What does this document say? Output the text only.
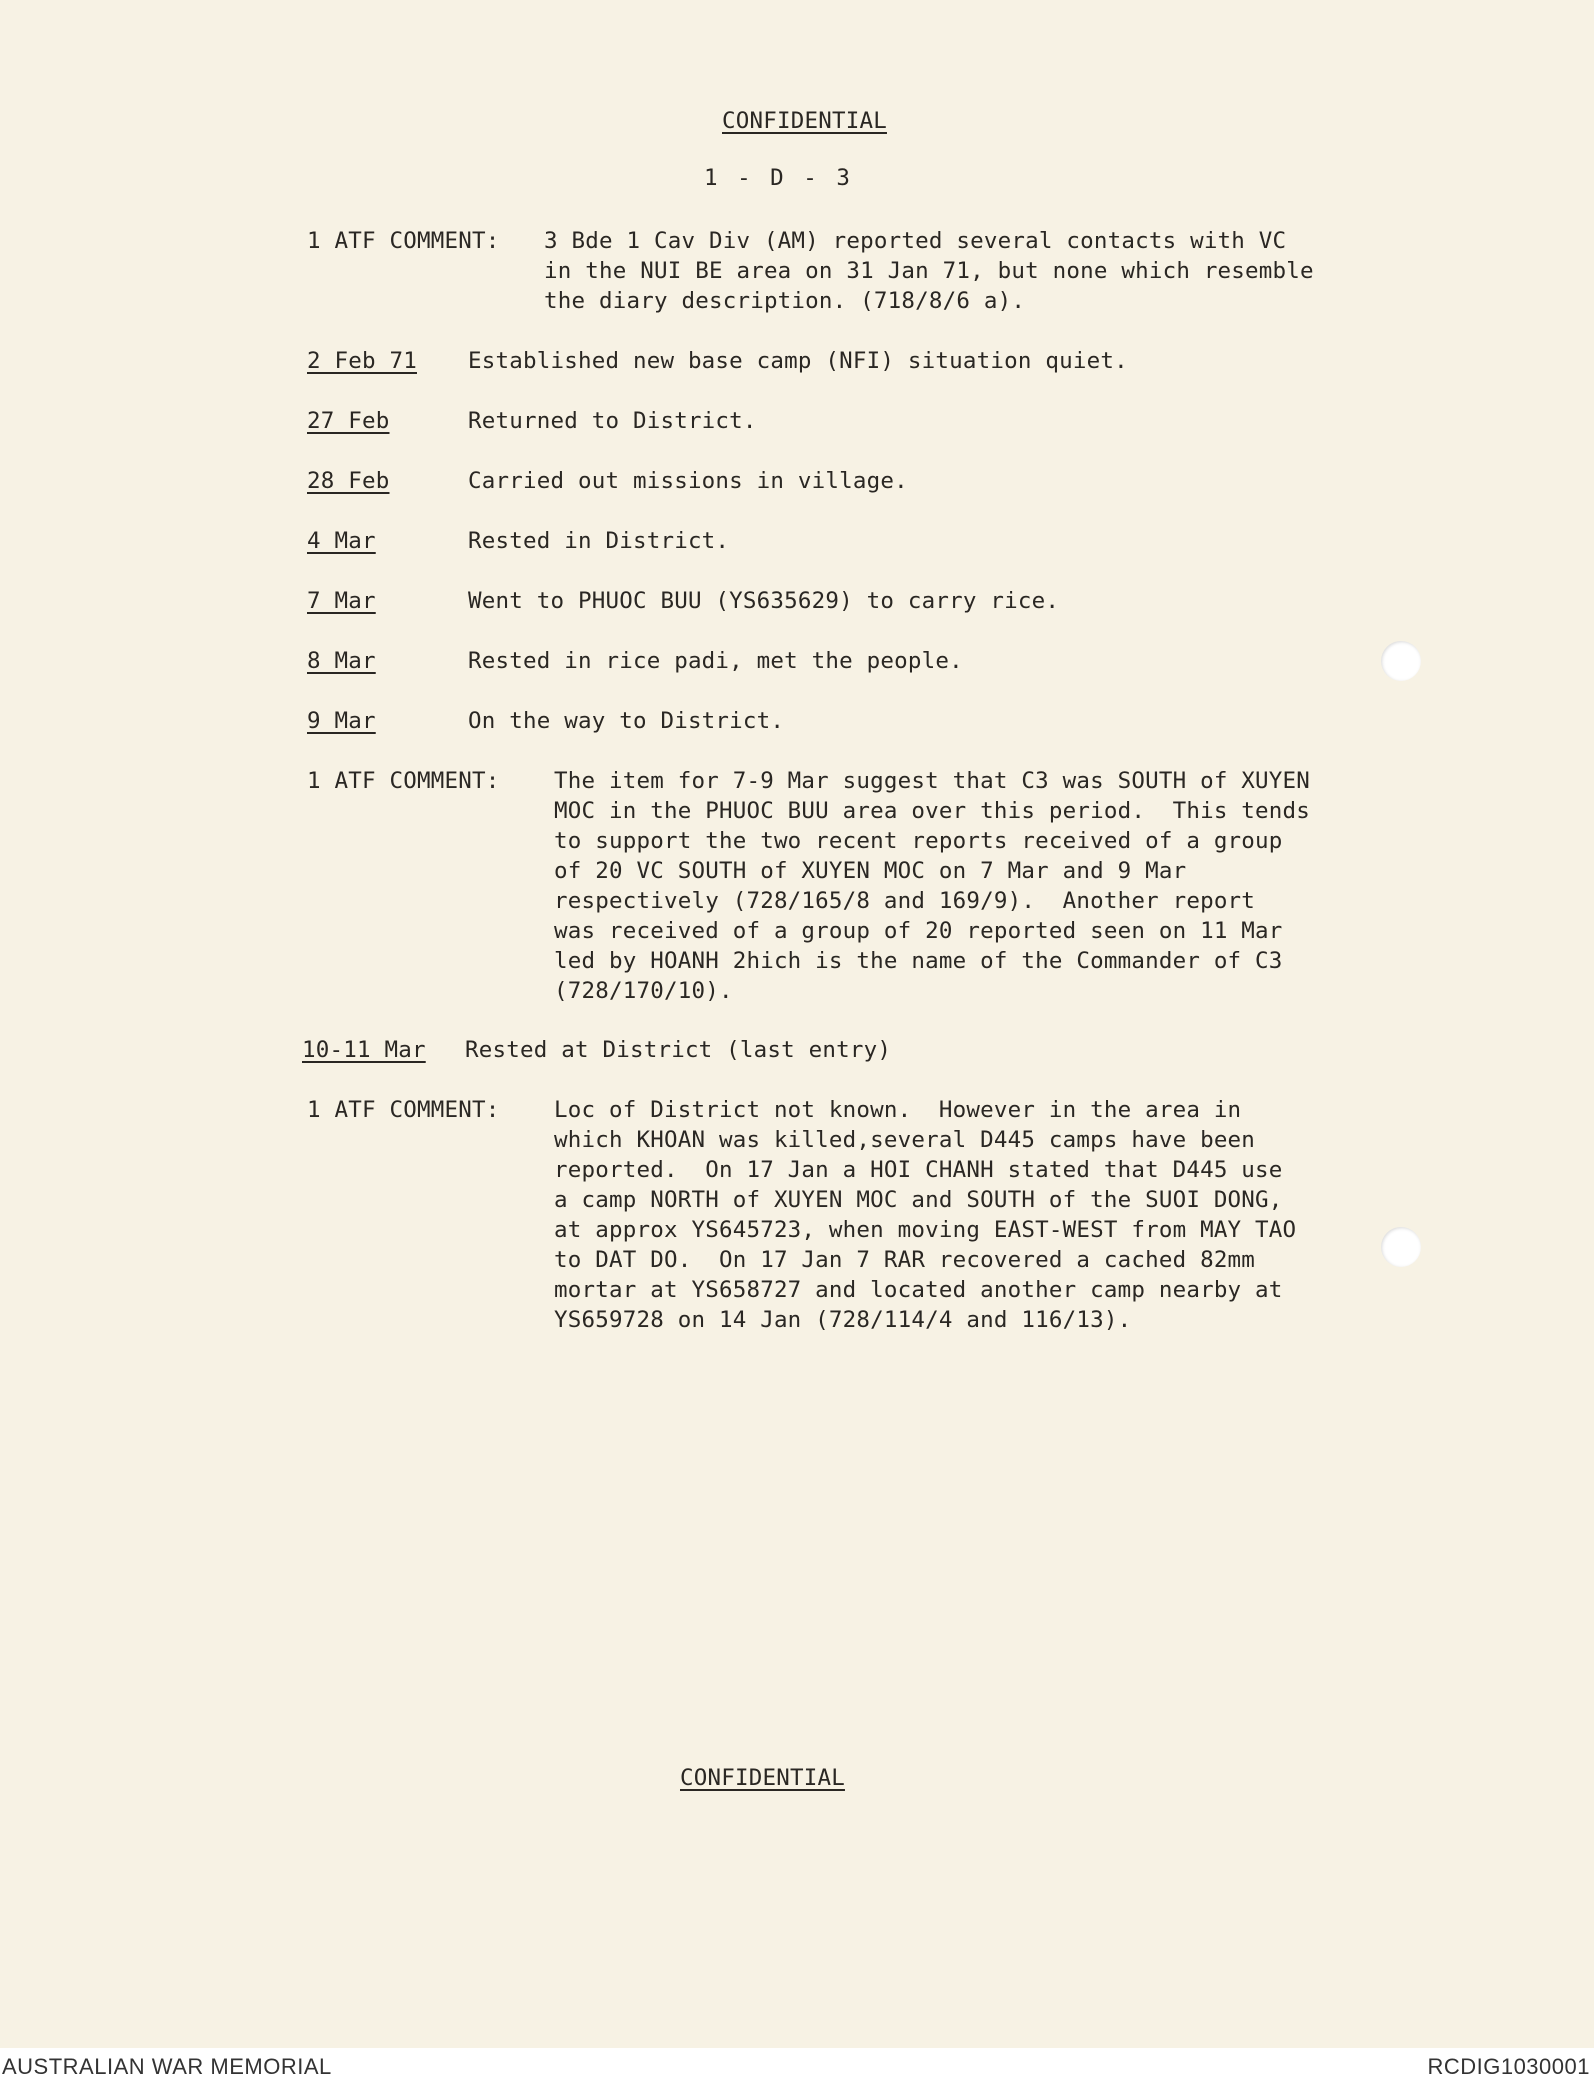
CONFIDENTIAL
1 - D - 3
1 ATF COMMENT: 3 Bde 1 Cav Div (AM) reported several contacts with VC
in the NUI BE area on 31 Jan 71, but none which resemble
the diary description. (718/8/6 a).
2 Feb 71 Established new base camp (NFI) situation quiet.
27 Feb	Returned to District.
28 Feb	Carried out missions in village.
4 Mar	Rested in District.
7 Mar	Went to PHUOC BUU (YS635629) to carry rice.
8 Mar	Rested in rice padi, met the people.
9 Mar	On the way to District.
1 ATF COMMENT: The item for 7-9 Mar suggest that C3 was SOUTH of XUYEN
MOC in the PHUOC BUU area over this period.  This tends
to support the two recent reports received of a group
of 20 VC SOUTH of XUYEN MOC on 7 Mar and 9 Mar
respectively (728/165/8 and 169/9).  Another report
was received of a group of 20 reported seen on 11 Mar
led by HOANH 2hich is the name of the Commander of C3
(728/170/10).
10-11 Mar Rested at District (last entry)
1 ATF COMMENT: Loc of District not known.  However in the area in
which KHOAN was killed,several D445 camps have been
reported.  On 17 Jan a HOI CHANH stated that D445 use
a camp NORTH of XUYEN MOC and SOUTH of the SUOI DONG,
at approx YS645723, when moving EAST-WEST from MAY TAO
to DAT DO.  On 17 Jan 7 RAR recovered a cached 82mm
mortar at YS658727 and located another camp nearby at
YS659728 on 14 Jan (728/114/4 and 116/13).
CONFIDENTIAL
AUSTRALIAN WAR MEMORIAL	RCDIG1030001
